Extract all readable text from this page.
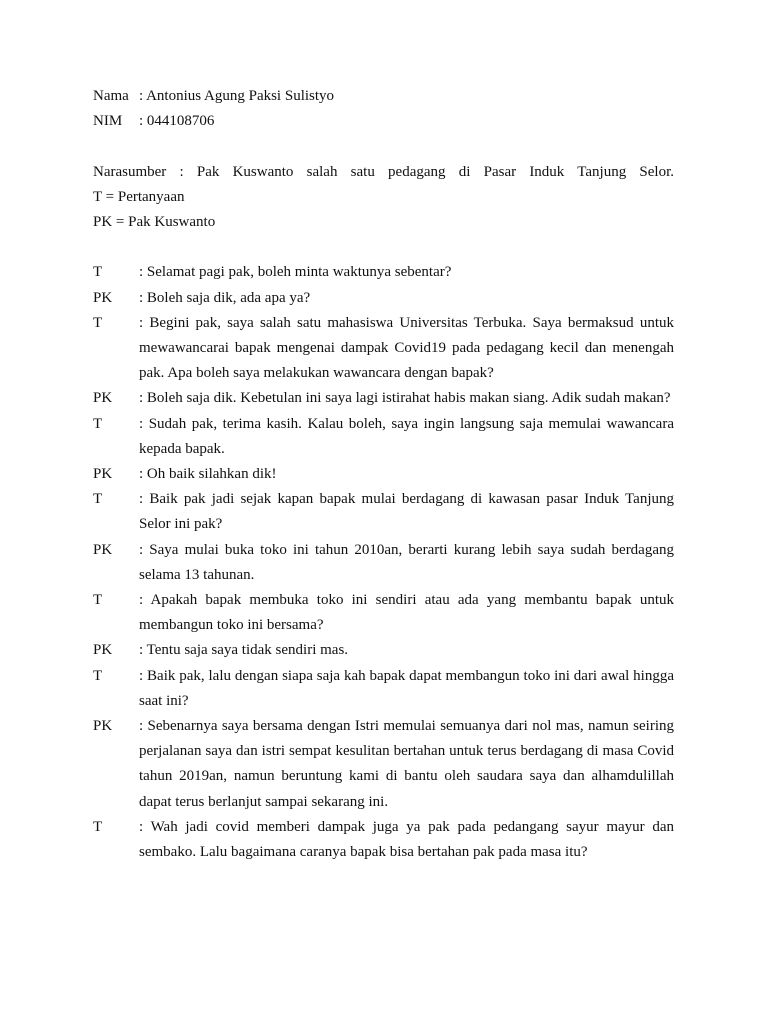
Nama : Antonius Agung Paksi Sulistyo
NIM	: 044108706
Narasumber : Pak Kuswanto salah satu pedagang di Pasar Induk Tanjung Selor.
T = Pertanyaan
PK = Pak Kuswanto
T	: Selamat pagi pak, boleh minta waktunya sebentar?
PK	: Boleh saja dik, ada apa ya?
T	: Begini pak, saya salah satu mahasiswa Universitas Terbuka. Saya bermaksud untuk mewawancarai bapak mengenai dampak Covid19 pada pedagang kecil dan menengah pak. Apa boleh saya melakukan wawancara dengan bapak?
PK : Boleh saja dik. Kebetulan ini saya lagi istirahat habis makan siang. Adik sudah makan?
T	: Sudah pak, terima kasih. Kalau boleh, saya ingin langsung saja memulai wawancara kepada bapak.
PK	: Oh baik silahkan dik!
T	: Baik pak jadi sejak kapan bapak mulai berdagang di kawasan pasar Induk Tanjung Selor ini pak?
PK	: Saya mulai buka toko ini tahun 2010an, berarti kurang lebih saya sudah berdagang selama 13 tahunan.
T	: Apakah bapak membuka toko ini sendiri atau ada yang membantu bapak untuk membangun toko ini bersama?
PK	: Tentu saja saya tidak sendiri mas.
T	: Baik pak, lalu dengan siapa saja kah bapak dapat membangun toko ini dari awal hingga saat ini?
PK	: Sebenarnya saya bersama dengan Istri memulai semuanya dari nol mas, namun seiring perjalanan saya dan istri sempat kesulitan bertahan untuk terus berdagang di masa Covid tahun 2019an, namun beruntung kami di bantu oleh saudara saya dan alhamdulillah dapat terus berlanjut sampai sekarang ini.
T	: Wah jadi covid memberi dampak juga ya pak pada pedangang sayur mayur dan sembako. Lalu bagaimana caranya bapak bisa bertahan pak pada masa itu?
